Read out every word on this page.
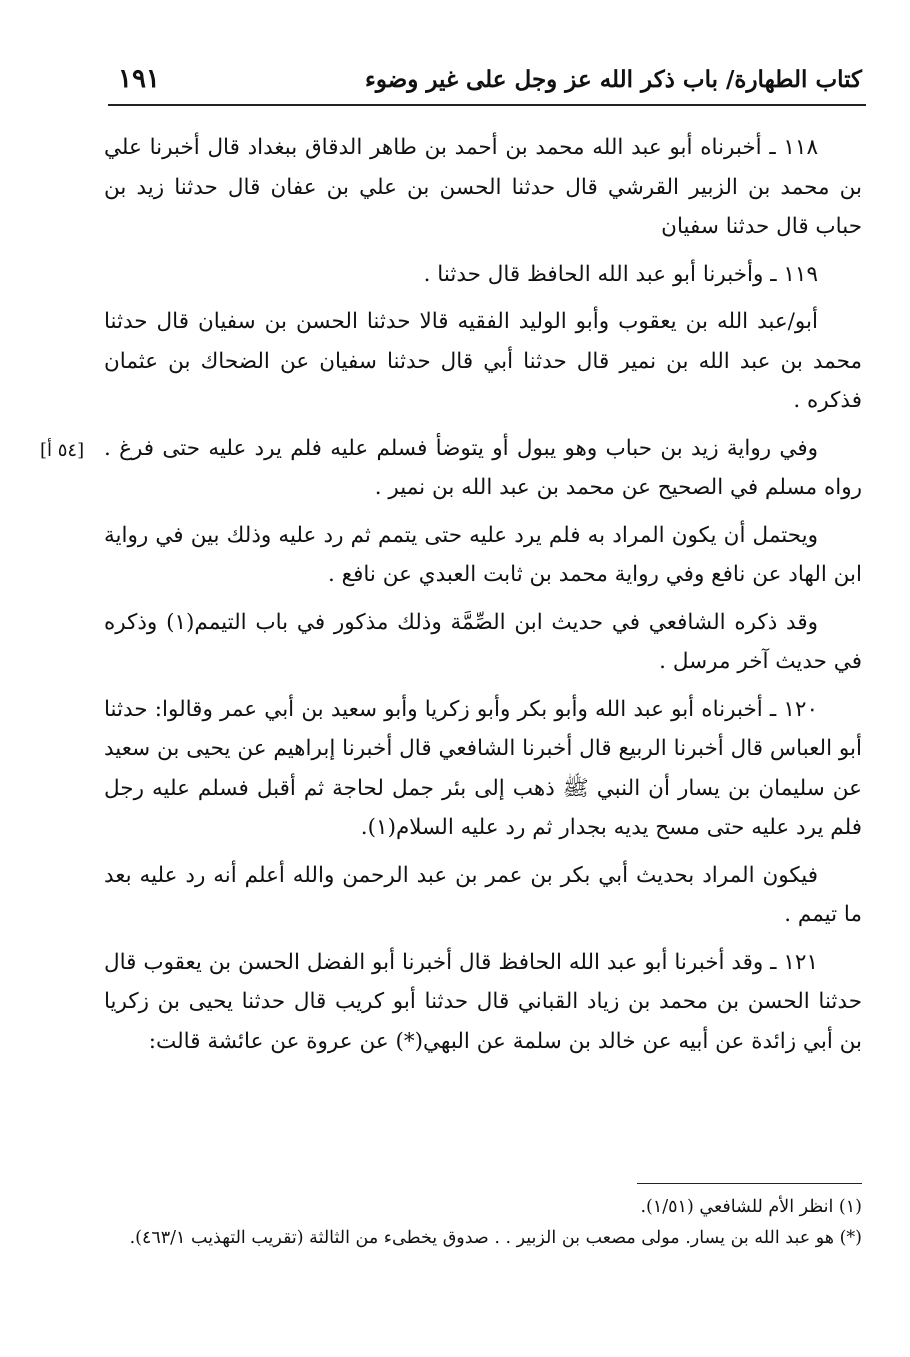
كتاب الطهارة/ باب ذكر الله عز وجل على غير وضوء
١٩١
[٥٤ أ]

١١٨ ـ أخبرناه أبو عبد الله محمد بن أحمد بن طاهر الدقاق ببغداد قال أخبرنا علي بن محمد بن الزبير القرشي قال حدثنا الحسن بن علي بن عفان قال حدثنا زيد بن حباب قال حدثنا سفيان

١١٩ ـ وأخبرنا أبو عبد الله الحافظ قال حدثنا .

أبو/عبد الله بن يعقوب وأبو الوليد الفقيه قالا حدثنا الحسن بن سفيان قال حدثنا محمد بن عبد الله بن نمير قال حدثنا أبي قال حدثنا سفيان عن الضحاك بن عثمان فذكره .

وفي رواية زيد بن حباب وهو يبول أو يتوضأ فسلم عليه فلم يرد عليه حتى فرغ . رواه مسلم في الصحيح عن محمد بن عبد الله بن نمير .

ويحتمل أن يكون المراد به فلم يرد عليه حتى يتمم ثم رد عليه وذلك بين في رواية ابن الهاد عن نافع وفي رواية محمد بن ثابت العبدي عن نافع .

وقد ذكره الشافعي في حديث ابن الصِّمَّة وذلك مذكور في باب التيمم(١) وذكره في حديث آخر مرسل .

١٢٠ ـ أخبرناه أبو عبد الله وأبو بكر وأبو زكريا وأبو سعيد بن أبي عمر وقالوا: حدثنا أبو العباس قال أخبرنا الربيع قال أخبرنا الشافعي قال أخبرنا إبراهيم عن يحيى بن سعيد عن سليمان بن يسار أن النبي ﷺ ذهب إلى بئر جمل لحاجة ثم أقبل فسلم عليه رجل فلم يرد عليه حتى مسح يديه بجدار ثم رد عليه السلام(١).

فيكون المراد بحديث أبي بكر بن عمر بن عبد الرحمن والله أعلم أنه رد عليه بعد ما تيمم .

١٢١ ـ وقد أخبرنا أبو عبد الله الحافظ قال أخبرنا أبو الفضل الحسن بن يعقوب قال حدثنا الحسن بن محمد بن زياد القباني قال حدثنا أبو كريب قال حدثنا يحيى بن زكريا بن أبي زائدة عن أبيه عن خالد بن سلمة عن البهي(*) عن عروة عن عائشة قالت:

(١) انظر الأم للشافعي (١/٥١).

(*) هو عبد الله بن يسار. مولى مصعب بن الزبير . . صدوق يخطىء من الثالثة (تقريب التهذيب ٤٦٣/١).
